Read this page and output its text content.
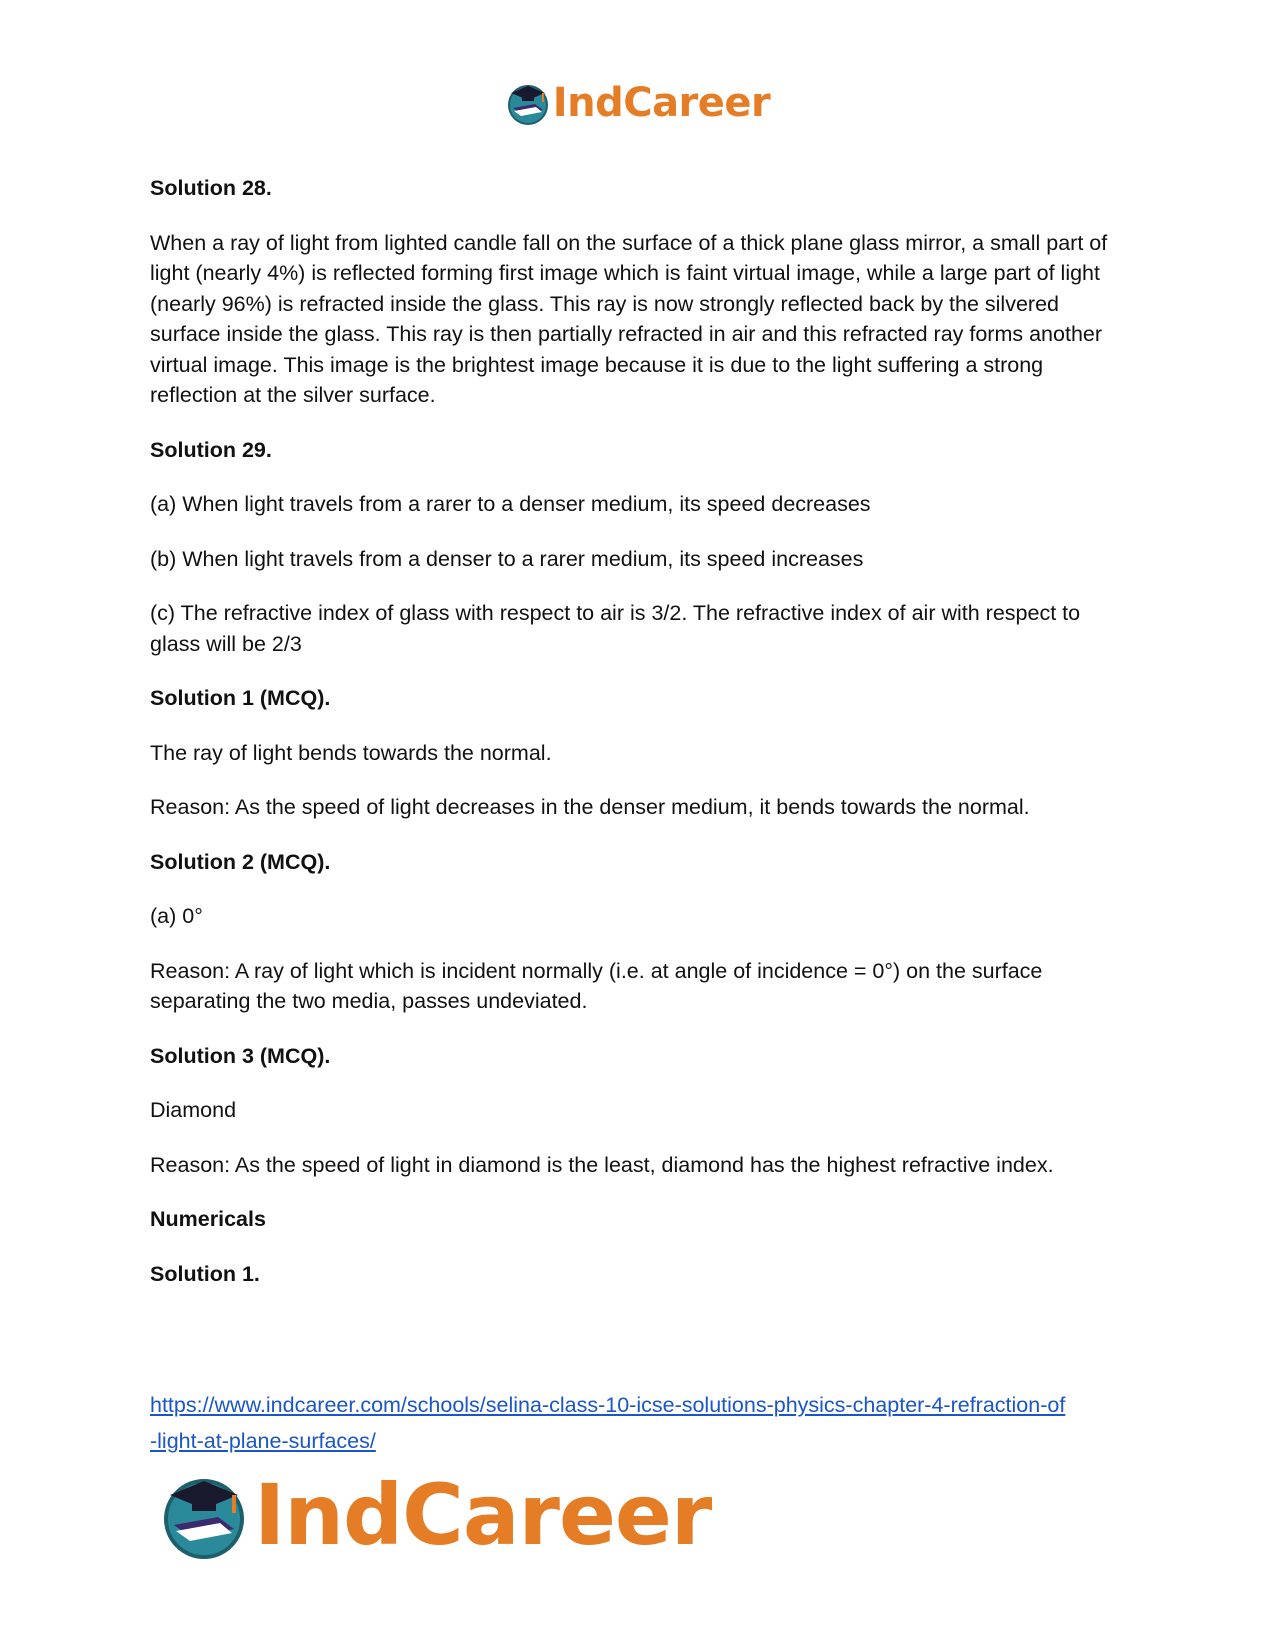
IndCareer

Solution 28.

When a ray of light from lighted candle fall on the surface of a thick plane glass mirror, a small part of light (nearly 4%) is reflected forming first image which is faint virtual image, while a large part of light (nearly 96%) is refracted inside the glass. This ray is now strongly reflected back by the silvered surface inside the glass. This ray is then partially refracted in air and this refracted ray forms another virtual image. This image is the brightest image because it is due to the light suffering a strong reflection at the silver surface.

Solution 29.

(a) When light travels from a rarer to a denser medium, its speed decreases

(b) When light travels from a denser to a rarer medium, its speed increases

(c) The refractive index of glass with respect to air is 3/2. The refractive index of air with respect to glass will be 2/3

Solution 1 (MCQ).

The ray of light bends towards the normal.

Reason: As the speed of light decreases in the denser medium, it bends towards the normal.

Solution 2 (MCQ).

(a) 0°

Reason: A ray of light which is incident normally (i.e. at angle of incidence = 0°) on the surface separating the two media, passes undeviated.

Solution 3 (MCQ).

Diamond

Reason: As the speed of light in diamond is the least, diamond has the highest refractive index.

Numericals

Solution 1.

https://www.indcareer.com/schools/selina-class-10-icse-solutions-physics-chapter-4-refraction-of
-light-at-plane-surfaces/
IndCareer
